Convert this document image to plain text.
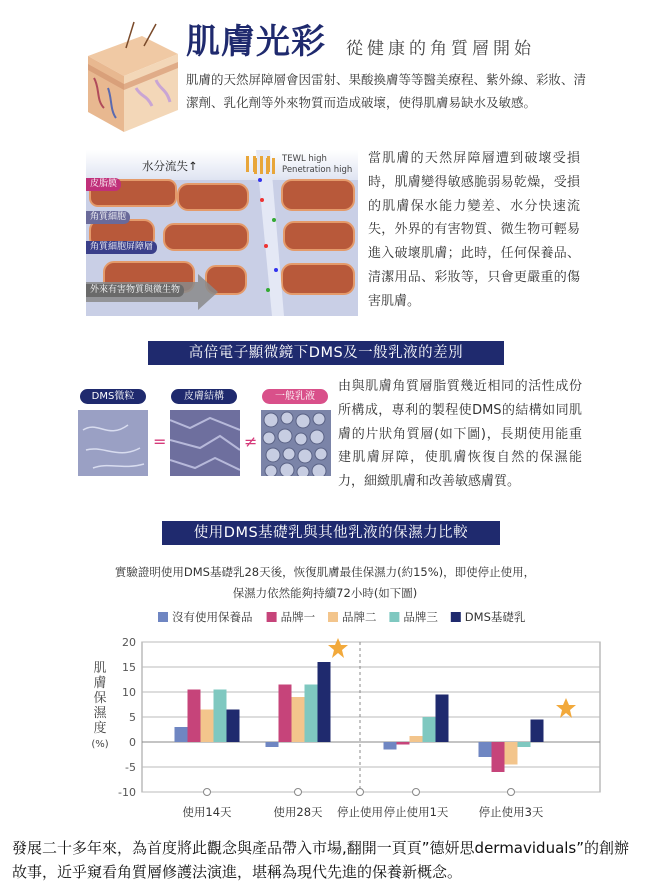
肌膚光彩 從健康的角質層開始
肌膚的天然屏障層會因雷射、果酸換膚等等醫美療程、紫外線、彩妝、清潔劑、乳化劑等外來物質而造成破壞，使得肌膚易缺水及敏感。
水分流失↑	TEWL high
Penetration high
皮脂膜
角質細胞
角質細胞屏障層
外來有害物質與微生物
當肌膚的天然屏障層遭到破壞受損時，肌膚變得敏感脆弱易乾燥，受損的肌膚保水能力變差、水分快速流失，外界的有害物質、微生物可輕易進入破壞肌膚；此時，任何保養品、清潔用品、彩妝等，只會更嚴重的傷害肌膚。
高倍電子顯微鏡下DMS及一般乳液的差別
DMS微粒	皮膚結構	一般乳液
=	≠
由與肌膚角質層脂質幾近相同的活性成份所構成，專利的製程使DMS的結構如同肌膚的片狀角質層(如下圖)，長期使用能重建肌膚屏障，使肌膚恢復自然的保濕能力，細緻肌膚和改善敏感膚質。
使用DMS基礎乳與其他乳液的保濕力比較
實驗證明使用DMS基礎乳28天後，恢復肌膚最佳保濕力(約15%)，即使停止使用，
保濕力依然能夠持續72小時(如下圖)
沒有使用保養品 品牌一 品牌二 品牌三 DMS基礎乳
20
15
10
5
0
-5
-10
肌
膚
保
濕
度
(%)
使用14天	使用28天 停止使用 停止使用1天	停止使用3天
發展二十多年來，為首度將此觀念與產品帶入市場,翻開一頁頁”德妍思dermaviduals”的創辦故事，近乎窺看角質層修護法演進，堪稱為現代先進的保養新概念。
